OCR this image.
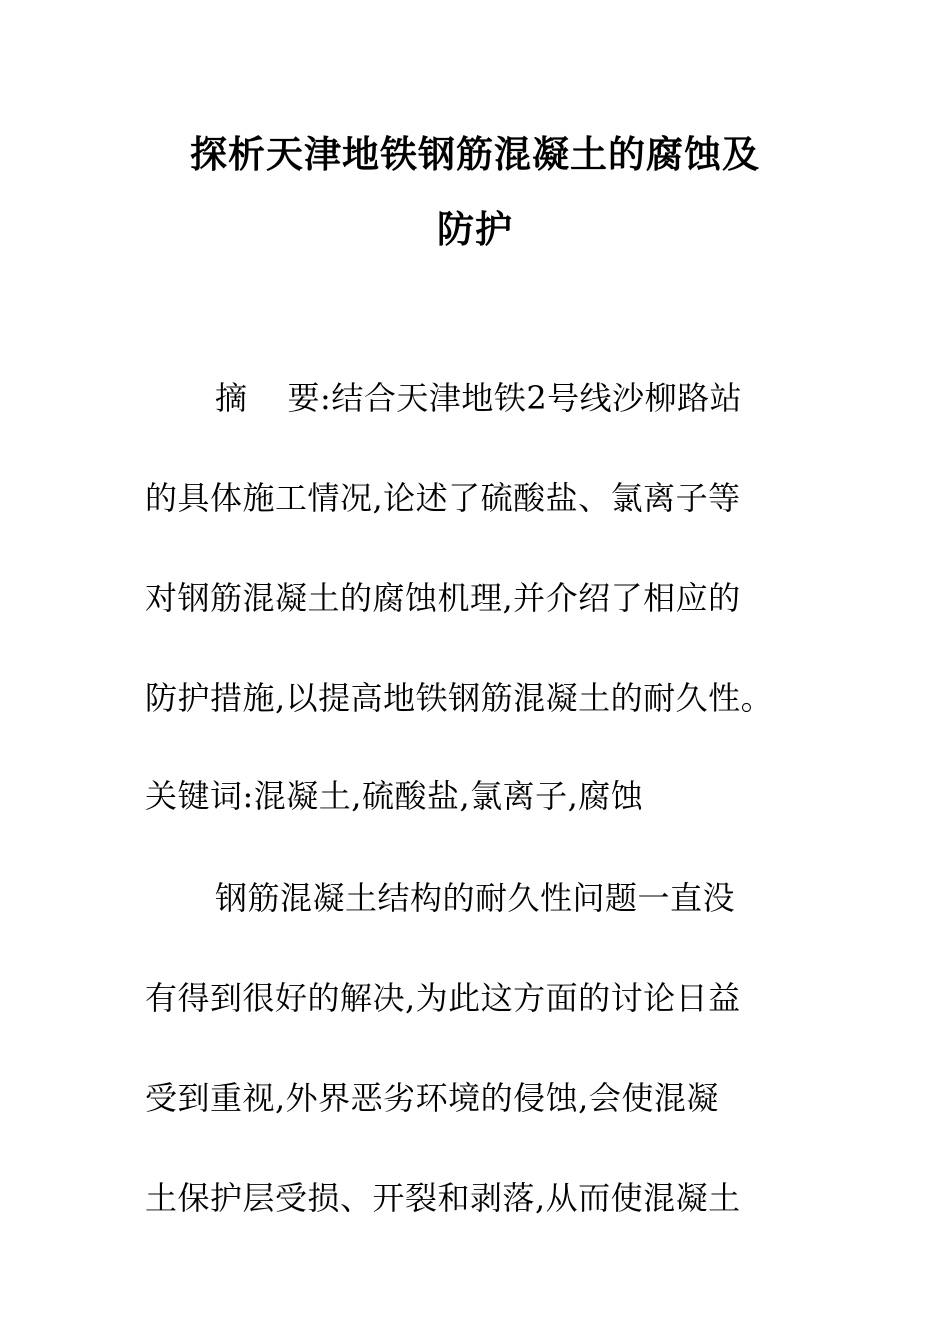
探析天津地铁钢筋混凝土的腐蚀及
防护
摘 要:结合天津地铁2号线沙柳路站
的具体施工情况,论述了硫酸盐、氯离子等
对钢筋混凝土的腐蚀机理,并介绍了相应的
防护措施,以提高地铁钢筋混凝土的耐久性。
关键词:混凝土,硫酸盐,氯离子,腐蚀
钢筋混凝土结构的耐久性问题一直没
有得到很好的解决,为此这方面的讨论日益
受到重视,外界恶劣环境的侵蚀,会使混凝
土保护层受损、开裂和剥落,从而使混凝土
